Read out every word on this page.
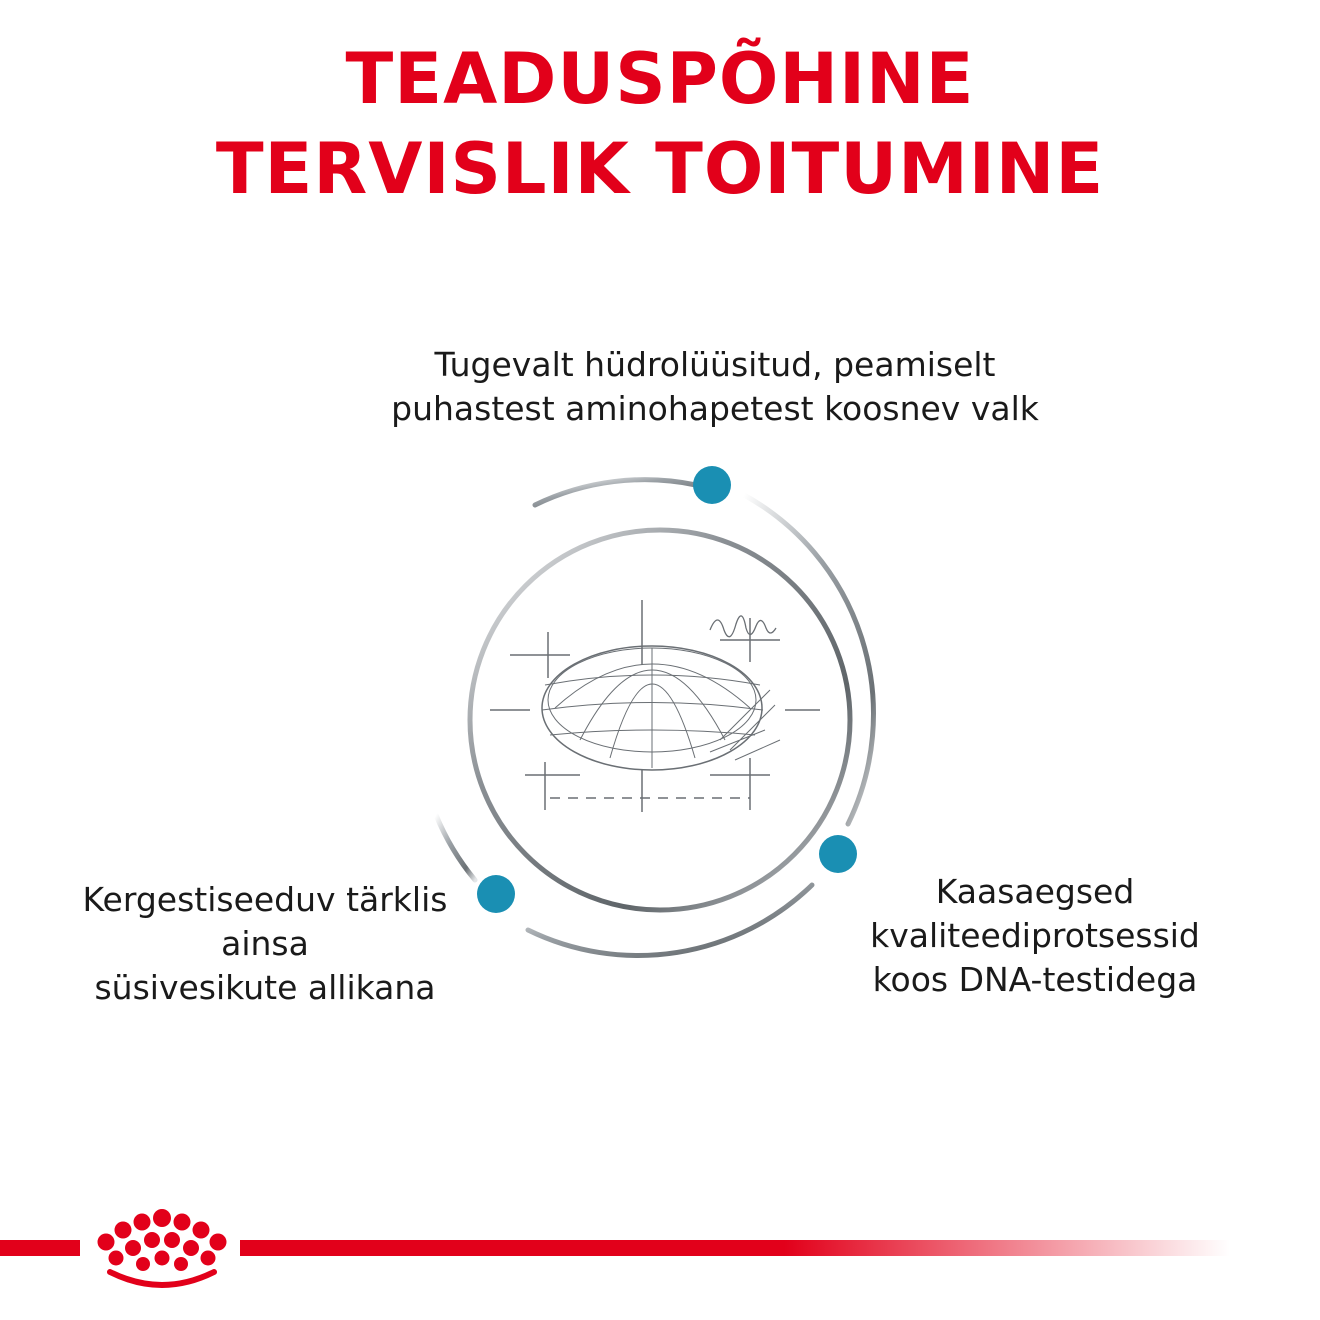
TEADUSPÕHINE
TERVISLIK TOITUMINE

Tugevalt hüdrolüüsitud, peamiselt
puhastest aminohapetest koosnev valk

Kergestiseeduv tärklis
ainsa
süsivesikute allikana

Kaasaegsed
kvaliteediprotsessid
koos DNA-testidega
